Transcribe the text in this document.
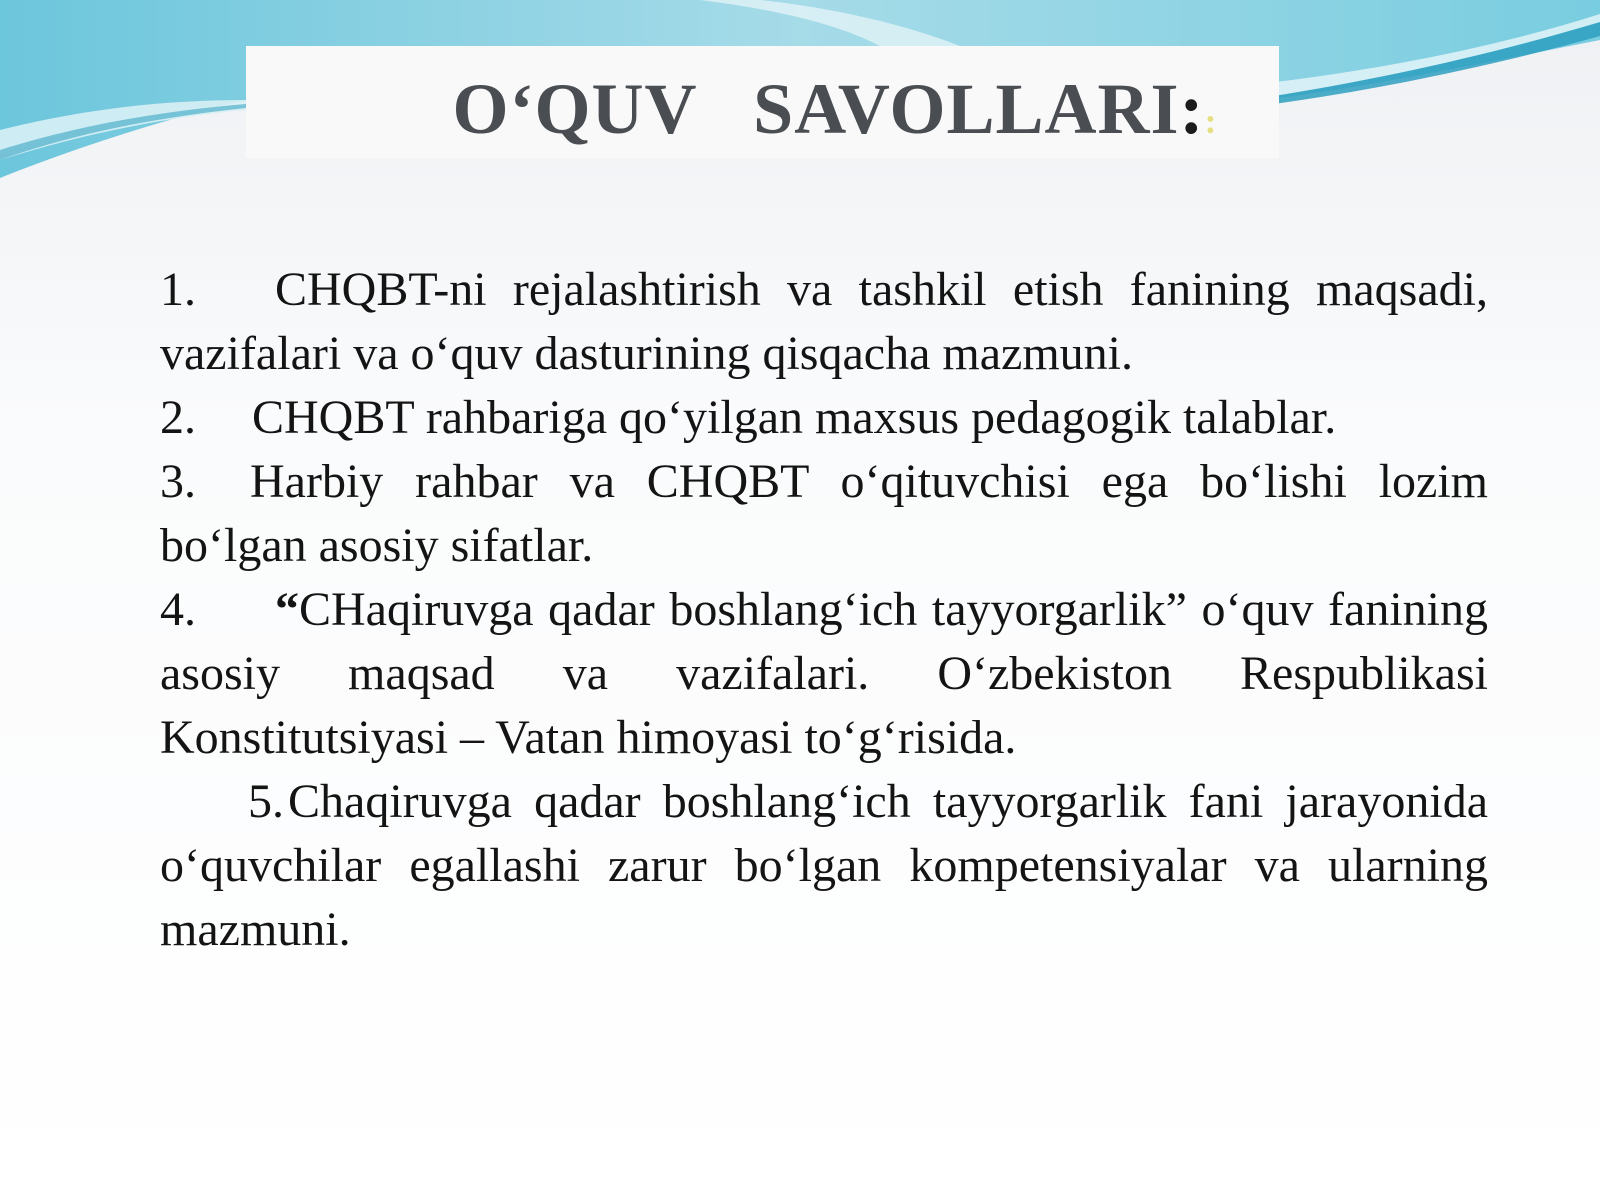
O‘QUV   SAVOLLARI::

1. CHQBT-ni rejalashtirish va tashkil etish fanining maqsadi, vazifalari va o‘quv dasturining qisqacha mazmuni.

2. CHQBT rahbariga qo‘yilgan maxsus pedagogik talablar.

3. Harbiy rahbar va CHQBT o‘qituvchisi ega bo‘lishi lozim bo‘lgan asosiy sifatlar.

4. “CHaqiruvga qadar boshlang‘ich tayyorgarlik” o‘quv fanining asosiy maqsad va vazifalari. O‘zbekiston Respublikasi Konstitutsiyasi – Vatan himoyasi to‘g‘risida.

5.Chaqiruvga qadar boshlang‘ich tayyorgarlik fani jarayonida o‘quvchilar egallashi zarur bo‘lgan kompetensiyalar va ularning mazmuni.
